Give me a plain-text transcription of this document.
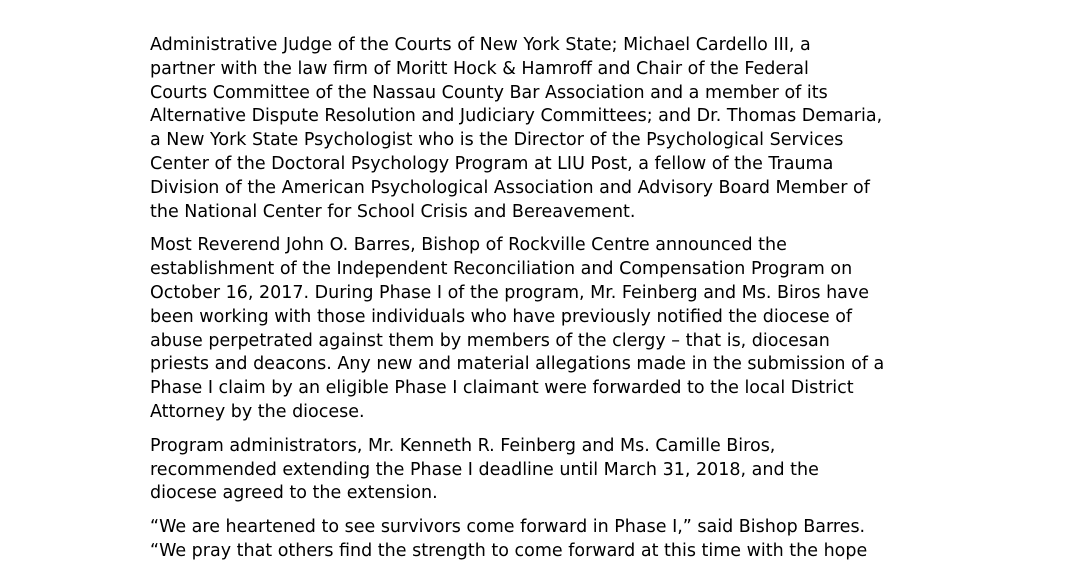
Administrative Judge of the Courts of New York State; Michael Cardello III, a
partner with the law firm of Moritt Hock & Hamroff and Chair of the Federal
Courts Committee of the Nassau County Bar Association and a member of its
Alternative Dispute Resolution and Judiciary Committees; and Dr. Thomas Demaria,
a New York State Psychologist who is the Director of the Psychological Services
Center of the Doctoral Psychology Program at LIU Post, a fellow of the Trauma
Division of the American Psychological Association and Advisory Board Member of
the National Center for School Crisis and Bereavement.

Most Reverend John O. Barres, Bishop of Rockville Centre announced the
establishment of the Independent Reconciliation and Compensation Program on
October 16, 2017. During Phase I of the program, Mr. Feinberg and Ms. Biros have
been working with those individuals who have previously notified the diocese of
abuse perpetrated against them by members of the clergy – that is, diocesan
priests and deacons. Any new and material allegations made in the submission of a
Phase I claim by an eligible Phase I claimant were forwarded to the local District
Attorney by the diocese.

Program administrators, Mr. Kenneth R. Feinberg and Ms. Camille Biros,
recommended extending the Phase I deadline until March 31, 2018, and the
diocese agreed to the extension.

“We are heartened to see survivors come forward in Phase I,” said Bishop Barres.
“We pray that others find the strength to come forward at this time with the hope
